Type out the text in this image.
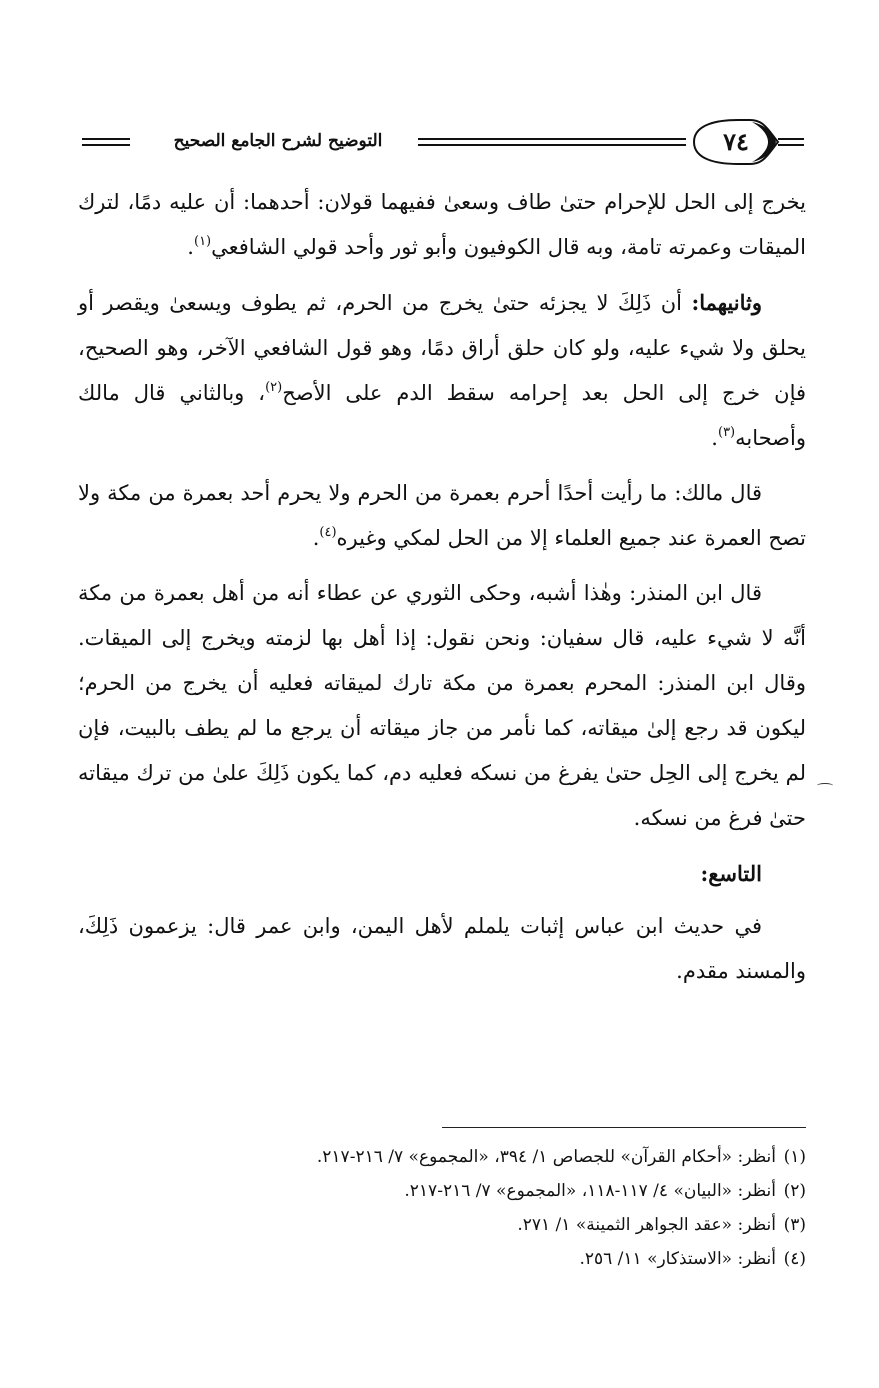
٧٤
التوضيح لشرح الجامع الصحيح

يخرج إلى الحل للإحرام حتىٰ طاف وسعىٰ ففيهما قولان: أحدهما: أن عليه دمًا، لترك الميقات وعمرته تامة، وبه قال الكوفيون وأبو ثور وأحد قولي الشافعي$^{(١)}$.

وثانيهما: أن ذَلِكَ لا يجزئه حتىٰ يخرج من الحرم، ثم يطوف ويسعىٰ ويقصر أو يحلق ولا شيء عليه، ولو كان حلق أراق دمًا، وهو قول الشافعي الآخر، وهو الصحيح، فإن خرج إلى الحل بعد إحرامه سقط الدم على الأصح$^{(٢)}$، وبالثاني قال مالك وأصحابه$^{(٣)}$.

قال مالك: ما رأيت أحدًا أحرم بعمرة من الحرم ولا يحرم أحد بعمرة من مكة ولا تصح العمرة عند جميع العلماء إلا من الحل لمكي وغيره$^{(٤)}$.

قال ابن المنذر: وهٰذا أشبه، وحكى الثوري عن عطاء أنه من أهل بعمرة من مكة أنَّه لا شيء عليه، قال سفيان: ونحن نقول: إذا أهل بها لزمته ويخرج إلى الميقات. وقال ابن المنذر: المحرم بعمرة من مكة تارك لميقاته فعليه أن يخرج من الحرم؛ ليكون قد رجع إلىٰ ميقاته، كما نأمر من جاز ميقاته أن يرجع ما لم يطف بالبيت، فإن لم يخرج إلى الحِل حتىٰ يفرغ من نسكه فعليه دم، كما يكون ذَلِكَ علىٰ من ترك ميقاته حتىٰ فرغ من نسكه.

التاسع:

في حديث ابن عباس إثبات يلملم لأهل اليمن، وابن عمر قال: يزعمون ذَلِكَ، والمسند مقدم.

(١)أنظر: «أحكام القرآن» للجصاص ١/ ٣٩٤، «المجموع» ٧/ ٢١٦-٢١٧.

(٢)أنظر: «البيان» ٤/ ١١٧-١١٨، «المجموع» ٧/ ٢١٦-٢١٧.

(٣)أنظر: «عقد الجواهر الثمينة» ١/ ٢٧١.

(٤)أنظر: «الاستذكار» ١١/ ٢٥٦.
